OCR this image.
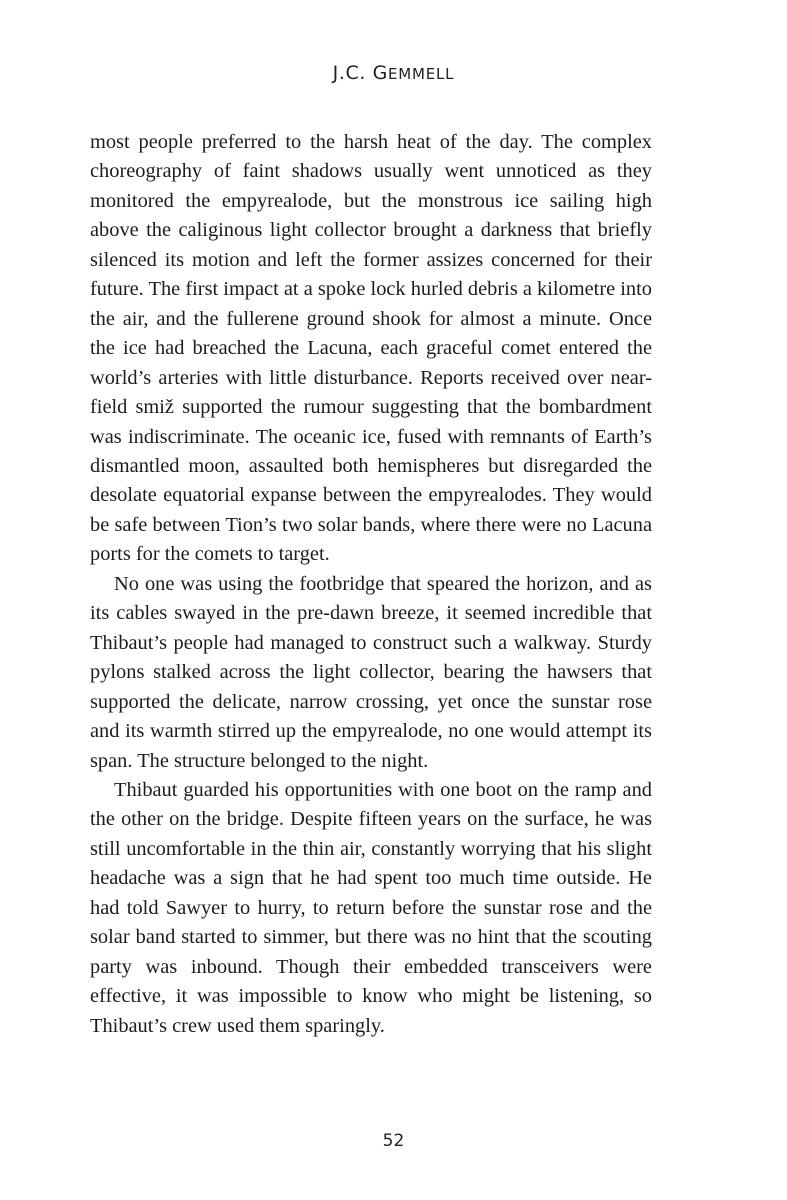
J.C. GEMMELL

most people preferred to the harsh heat of the day. The complex choreography of faint shadows usually went unnoticed as they monitored the empyrealode, but the monstrous ice sailing high above the caliginous light collector brought a darkness that briefly silenced its motion and left the former assizes concerned for their future. The first impact at a spoke lock hurled debris a kilometre into the air, and the fullerene ground shook for almost a minute. Once the ice had breached the Lacuna, each graceful comet entered the world’s arteries with little disturbance. Reports received over near-field smiž supported the rumour suggesting that the bombardment was indiscriminate. The oceanic ice, fused with remnants of Earth’s dismantled moon, assaulted both hemispheres but disregarded the desolate equatorial expanse between the empyrealodes. They would be safe between Tion’s two solar bands, where there were no Lacuna ports for the comets to target.

No one was using the footbridge that speared the horizon, and as its cables swayed in the pre-dawn breeze, it seemed incredible that Thibaut’s people had managed to construct such a walkway. Sturdy pylons stalked across the light collector, bearing the hawsers that supported the delicate, narrow crossing, yet once the sunstar rose and its warmth stirred up the empyrealode, no one would attempt its span. The structure belonged to the night.

Thibaut guarded his opportunities with one boot on the ramp and the other on the bridge. Despite fifteen years on the surface, he was still uncomfortable in the thin air, constantly worrying that his slight headache was a sign that he had spent too much time outside. He had told Sawyer to hurry, to return before the sunstar rose and the solar band started to simmer, but there was no hint that the scouting party was inbound. Though their embedded transceivers were effective, it was impossible to know who might be listening, so Thibaut’s crew used them sparingly.

52
